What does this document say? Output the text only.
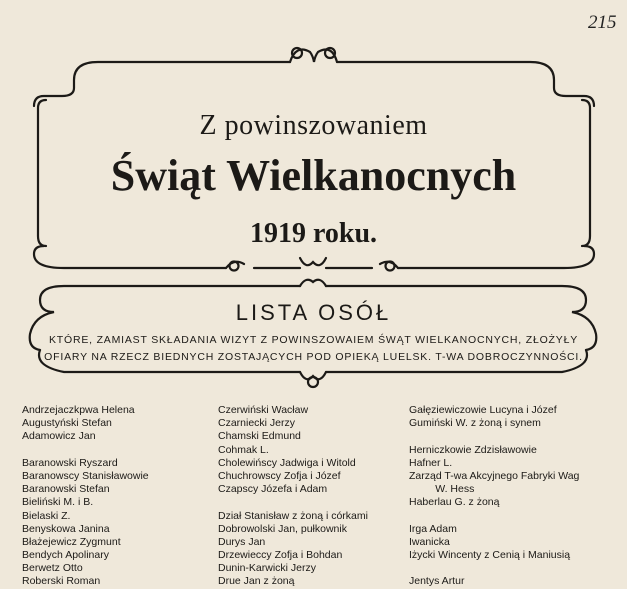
215
Z powinszowaniem
Świąt Wielkanocnych
1919 roku.
LISTA OSÓŁ
KTÓRE, ZAMIAST SKŁADANIA WIZYT Z POWINSZOWAIEM ŚWĄT WIELKANOCNYCH, ZŁOŻYŁY
OFIARY NA RZECZ BIEDNYCH ZOSTAJĄCYCH POD OPIEKĄ LUELSK. T-WA DOBROCZYNNOŚCI.
Andrzejaczkpwa Helena
Augustyński Stefan
Adamowicz Jan
Baranowski Ryszard
Baranowscy Stanisławowie
Baranowski Stefan
Bieliński M. i B.
Bielaski Z.
Benyskowa Janina
Błażejewicz Zygmunt
Bendych Apolinary
Berwetz Otto
Roberski Roman
Czerwiński Wacław
Czarniecki Jerzy
Chamski Edmund
Cohmak L.
Cholewińscy Jadwiga i Witold
Chuchrowscy Zofja i Józef
Czapscy Józefa i Adam
Dział Stanisław z żoną i córkami
Dobrowolski Jan, pułkownik
Durys Jan
Drzewieccy Zofja i Bohdan
Dunin-Karwicki Jerzy
Drue Jan z żoną
Gałęziewiczowie Lucyna i Józef
Gumiński W. z żoną i synem
Herniczkowie Zdzisławowie
Hafner L.
Zarząd T-wa Akcyjnego Fabryki Wag
W. Hess
Haberlau G. z żoną
Irga Adam
Iwanicka
Iżycki Wincenty z Cenią i Maniusią
Jentys Artur
